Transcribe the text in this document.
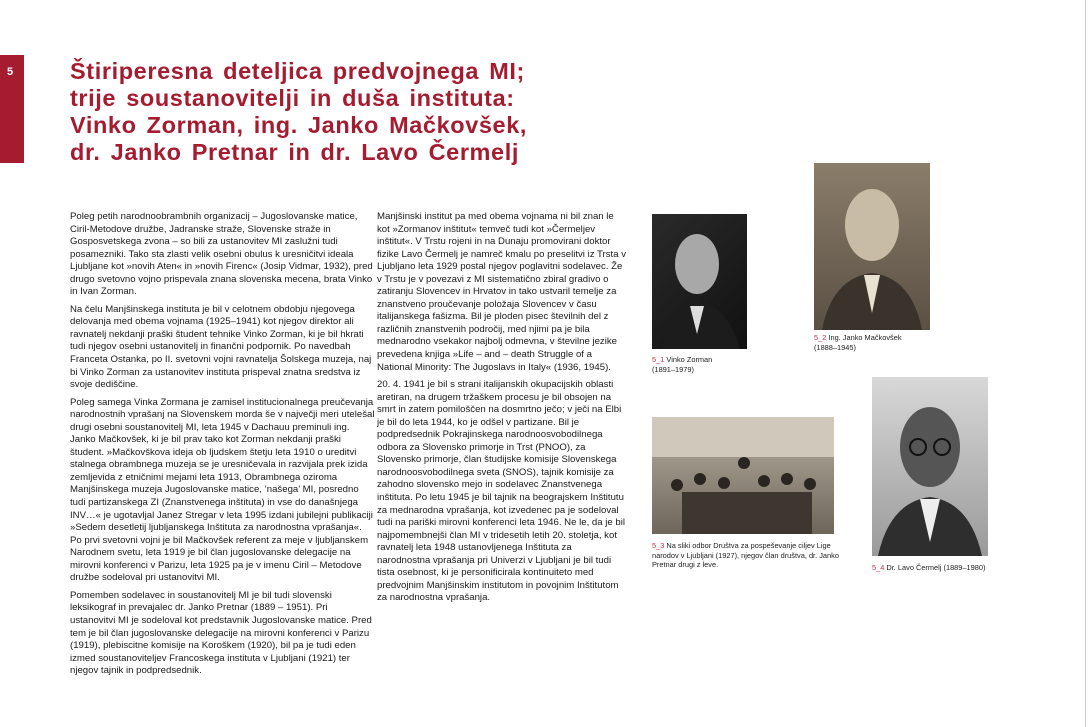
5	Štiriperesna deteljica predvojnega MI;
trije soustanovitelji in duša instituta:
Vinko Zorman, ing. Janko Mačkovšek,
dr. Janko Pretnar in dr. Lavo Čermelj

Poleg petih narodnoobrambnih organizacij – Jugoslovanske matice, Ciril-Metodove družbe, Jadranske straže, Slovenske straže in Gosposvetskega zvona – so bili za ustanovitev MI zaslužni tudi posamezniki. Tako sta zlasti velik osebni obulus k uresničitvi ideala Ljubljane kot »novih Aten« in »novih Firenc« (Josip Vidmar, 1932), pred drugo svetovno vojno prispevala znana slovenska mecena, brata Vinko in Ivan Zorman.

Na čelu Manjšinskega instituta je bil v celotnem obdobju njegovega delovanja med obema vojnama (1925–1941) kot njegov direktor ali ravnatelj nekdanji praški študent tehnike Vinko Zorman, ki je bil hkrati tudi njegov osebni ustanovitelj in finančni podpornik. Po navedbah Franceta Ostanka, po II. svetovni vojni ravnatelja Šolskega muzeja, naj bi Vinko Zorman za ustanovitev instituta prispeval znatna sredstva iz svoje dediščine.

Poleg samega Vinka Zormana je zamisel institucionalnega preučevanja narodnostnih vprašanj na Slovenskem morda še v največji meri utelešal drugi osebni soustanovitelj MI, leta 1945 v Dachauu preminuli ing. Janko Mačkovšek, ki je bil prav tako kot Zorman nekdanji praški študent. »Mačkovškova ideja ob ljudskem štetju leta 1910 o ureditvi stalnega obrambnega muzeja se je uresničevala in razvijala prek izida zemljevida z etničnimi mejami leta 1913, Obrambnega oziroma Manjšinskega muzeja Jugoslovanske matice, ‘našega’ MI, posredno tudi partizanskega ZI (Znanstvenega inštituta) in vse do današnjega INV…« je ugotavljal Janez Stregar v leta 1995 izdani jubilejni publikaciji »Sedem desetletij ljubljanskega Inštituta za narodnostna vprašanja«. Po prvi svetovni vojni je bil Mačkovšek referent za meje v ljubljanskem Narodnem svetu, leta 1919 je bil član jugoslovanske delegacije na mirovni konferenci v Parizu, leta 1925 pa je v imenu Ciril – Metodove družbe sodeloval pri ustanovitvi MI.

Pomemben sodelavec in soustanovitelj MI je bil tudi slovenski leksikograf in prevajalec dr. Janko Pretnar (1889 – 1951). Pri ustanovitvi MI je sodeloval kot predstavnik Jugoslovanske matice. Pred tem je bil član jugoslovanske delegacije na mirovni konferenci v Parizu (1919), plebiscitne komisije na Koroškem (1920), bil pa je tudi eden izmed soustanoviteljev Francoskega instituta v Ljubljani (1921) ter njegov tajnik in podpredsednik.

Manjšinski institut pa med obema vojnama ni bil znan le kot »Zormanov inštitut« temveč tudi kot »Čermeljev inštitut«. V Trstu rojeni in na Dunaju promovirani doktor fizike Lavo Čermelj je namreč kmalu po preselitvi iz Trsta v Ljubljano leta 1929 postal njegov poglavitni sodelavec. Že v Trstu je v povezavi z MI sistematično zbiral gradivo o zatiranju Slovencev in Hrvatov in tako ustvaril temelje za znanstveno proučevanje položaja Slovencev v času italijanskega fašizma. Bil je ploden pisec številnih del z različnih znanstvenih področij, med njimi pa je bila mednarodno vsekakor najbolj odmevna, v številne jezike prevedena knjiga »Life – and – death Struggle of a National Minority: The Jugoslavs in Italy« (1936, 1945).

20. 4. 1941 je bil s strani italijanskih okupacijskih oblasti aretiran, na drugem tržaškem procesu je bil obsojen na smrt in zatem pomiloščen na dosmrtno ječo; v ječi na Elbi je bil do leta 1944, ko je odšel v partizane. Bil je podpredsednik Pokrajinskega narodnoosvobodilnega odbora za Slovensko primorje in Trst (PNOO), za Slovensko primorje, član študijske komisije Slovenskega narodnoosvobodilnega sveta (SNOS), tajnik komisije za zahodno slovensko mejo in sodelavec Znanstvenega inštituta. Po letu 1945 je bil tajnik na beograjskem Inštitutu za mednarodna vprašanja, kot izvedenec pa je sodeloval tudi na pariški mirovni konferenci leta 1946. Ne le, da je bil najpomembnejši član MI v tridesetih letih 20. stoletja, kot ravnatelj leta 1948 ustanovljenega Inštituta za narodnostna vprašanja pri Univerzi v Ljubljani je bil tudi tista osebnost, ki je personificirala kontinuiteto med predvojnim Manjšinskim institutom in povojnim Inštitutom za narodnostna vprašanja.

5_1 Vinko Zorman
(1891–1979)
5_2 Ing. Janko Mačkovšek
(1888–1945)
5_3 Na sliki odbor Društva za pospeševanje ciljev Lige narodov v Ljubljani (1927), njegov član društva, dr. Janko Pretnar drugi z leve.	5_4 Dr. Lavo Čermelj (1889–1980)
